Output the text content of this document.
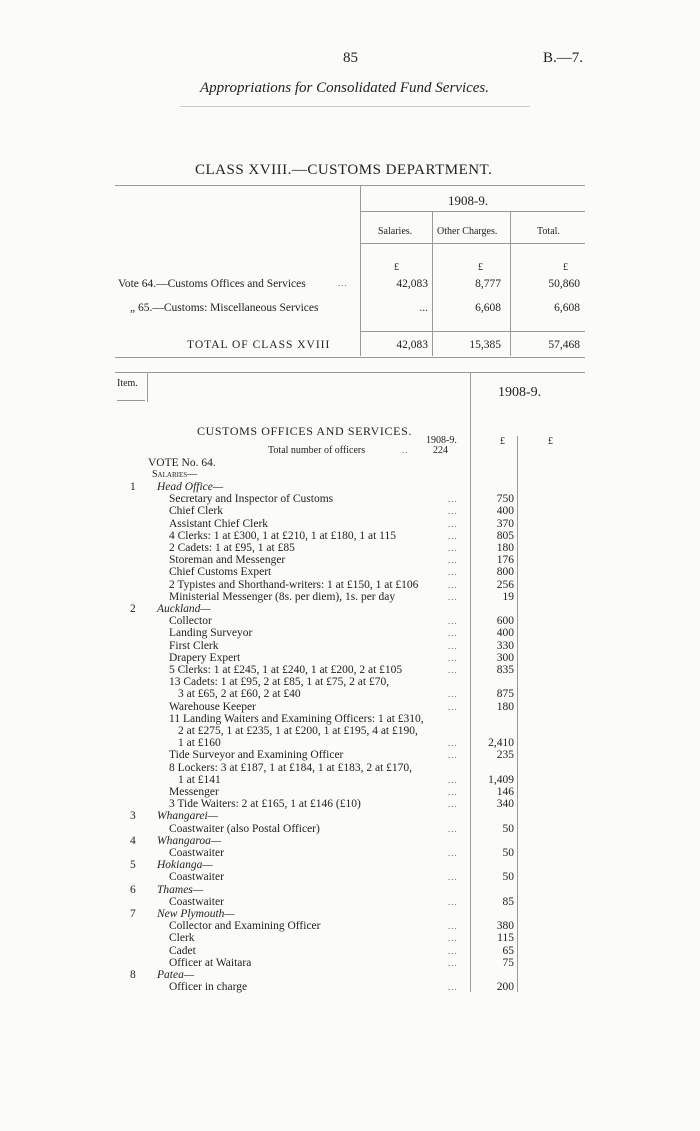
85	B.—7.
Appropriations for Consolidated Fund Services.
CLASS XVIII.—CUSTOMS DEPARTMENT.
1908-9.
Salaries. Other Charges.	Total.
£	£	£
Vote 64.—Customs Offices and Services	...	42,083	8,777	50,860
„ 65.—Customs: Miscellaneous Services	...	6,608	6,608
TOTAL OF CLASS XVIII	42,083	15,385	57,468
Item.
1908-9.
CUSTOMS OFFICES AND SERVICES.
1908-9.
Total number of officers	.. 224
£	£
VOTE No. 64.
Salaries—
1 Head Office—
Secretary and Inspector of Customs	...	750
Chief Clerk	...	400
Assistant Chief Clerk	...	370
4 Clerks: 1 at £300, 1 at £210, 1 at £180, 1 at 115	...	805
2 Cadets: 1 at £95, 1 at £85	...	180
Storeman and Messenger	...	176
Chief Customs Expert	...	800
2 Typistes and Shorthand-writers: 1 at £150, 1 at £106	...	256
Ministerial Messenger (8s. per diem), 1s. per day	...	19
2 Auckland—
Collector	...	600
Landing Surveyor	...	400
First Clerk	...	330
Drapery Expert	...	300
5 Clerks: 1 at £245, 1 at £240, 1 at £200, 2 at £105	...	835
13 Cadets: 1 at £95, 2 at £85, 1 at £75, 2 at £70,
3 at £65, 2 at £60, 2 at £40	...	875
Warehouse Keeper	...	180
11 Landing Waiters and Examining Officers: 1 at £310,
2 at £275, 1 at £235, 1 at £200, 1 at £195, 4 at £190,
1 at £160	...	2,410
Tide Surveyor and Examining Officer	...	235
8 Lockers: 3 at £187, 1 at £184, 1 at £183, 2 at £170,
1 at £141	...	1,409
Messenger	...	146
3 Tide Waiters: 2 at £165, 1 at £146 (£10)	...	340
3 Whangarei—
Coastwaiter (also Postal Officer)	...	50
4 Whangaroa—
Coastwaiter	...	50
5 Hokianga—
Coastwaiter	...	50
6 Thames—
Coastwaiter	...	85
7 New Plymouth—
Collector and Examining Officer	...	380
Clerk	...	115
Cadet	...	65
Officer at Waitara	...	75
8 Patea—
Officer in charge	...	200
